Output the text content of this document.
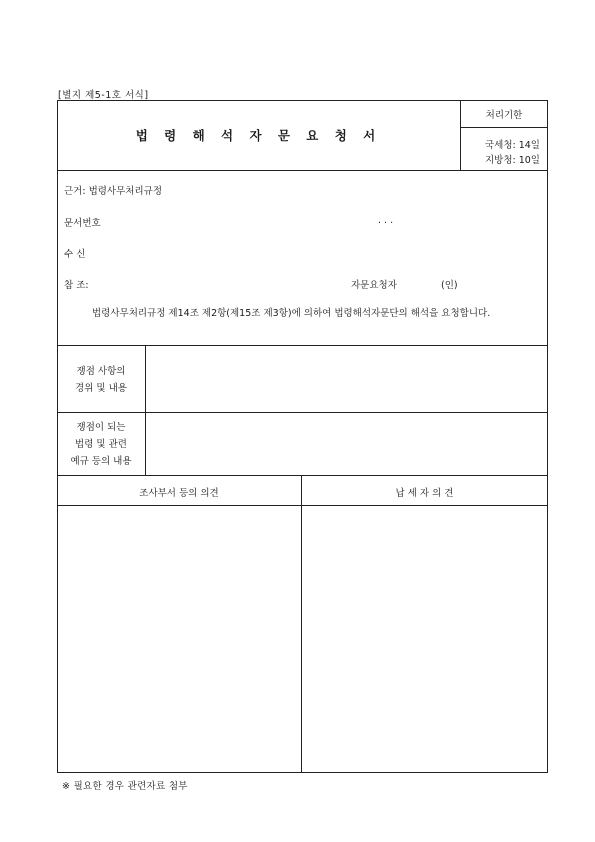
[별지 제5-1호 서식]
법 령 해 석 자 문 요 청 서
처리기한
국세청: 14일
지방청: 10일
근거: 법령사무처리규정
문서번호	. . .
수 신
참 조:	자문요청자	(인)
법령사무처리규정 제14조 제2항(제15조 제3항)에 의하여 법령해석자문단의 해석을 요청합니다.
쟁점 사항의
경위 및 내용
쟁점이 되는
법령 및 관련
예규 등의 내용
조사부서 등의 의견	납 세 자 의 견
※ 필요한 경우 관련자료 첨부
